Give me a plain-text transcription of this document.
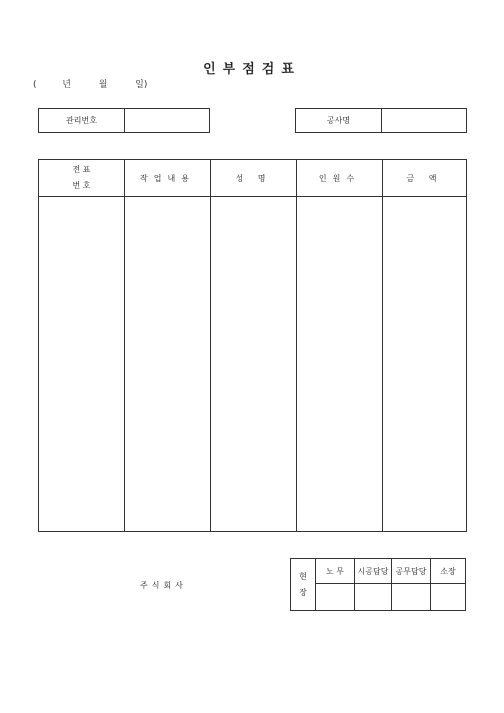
인부점검표
(	년	월	일)
관리번호		공사명	
전 표
번 호	작업내용	성 명	인원수	금 액

주식회사
현
장	노 무	시공담당	공무담당	소장
